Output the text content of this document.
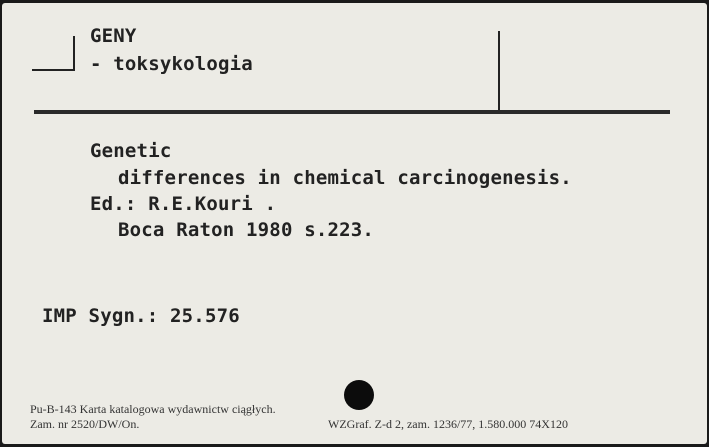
GENY
- toksykologia
Genetic
differences in chemical carcinogenesis.
Ed.: R.E.Kouri .
Boca Raton 1980 s.223.
IMP Sygn.: 25.576
Pu-B-143 Karta katalogowa wydawnictw ciągłych.
Zam. nr 2520/DW/On.	WZGraf. Z-d 2, zam. 1236/77, 1.580.000 74X120
